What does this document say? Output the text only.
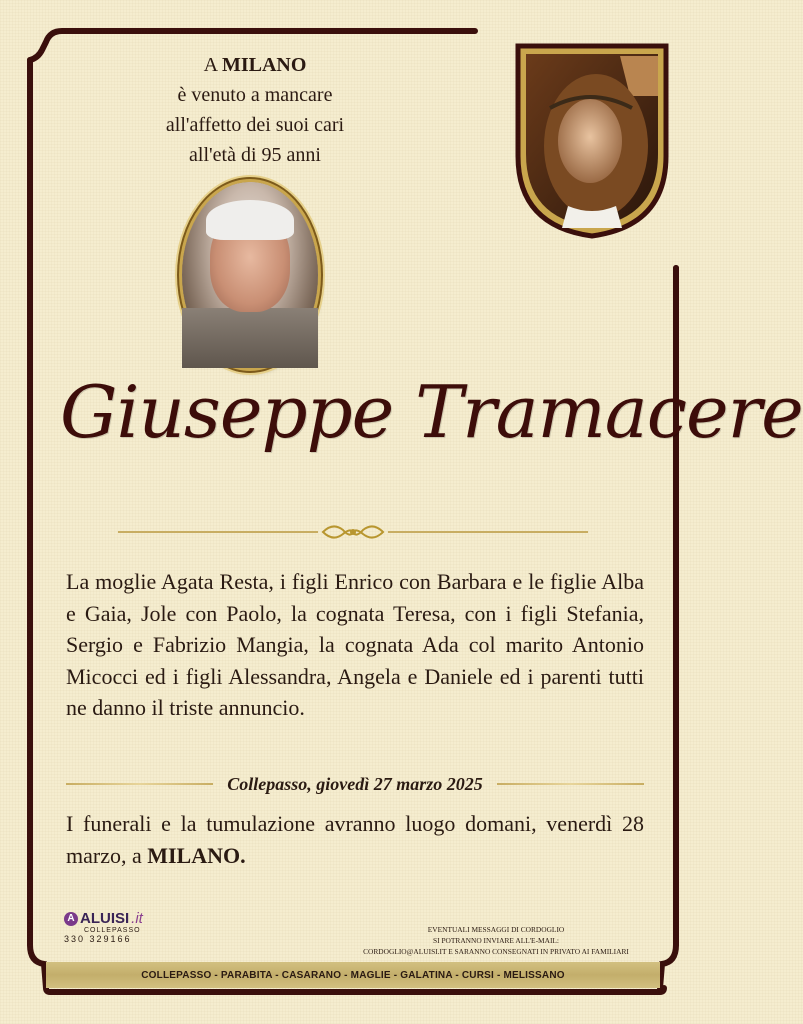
A MILANO
è venuto a mancare
all'affetto dei suoi cari
all'età di 95 anni
Giuseppe Tramacere
La moglie Agata Resta, i figli Enrico con Barbara e le figlie Alba e Gaia, Jole con Paolo, la cognata Teresa, con i figli Stefania, Sergio e Fabrizio Mangia, la cognata Ada col marito Antonio Micocci ed i figli Alessandra, Angela e Daniele ed i parenti tutti ne danno il triste annuncio.
Collepasso, giovedì 27 marzo 2025
I funerali e la tumulazione avranno luogo domani, venerdì 28 marzo, a MILANO.
A ALUISI .it
COLLEPASSO
330 329166
EVENTUALI MESSAGGI DI CORDOGLIO
SI POTRANNO INVIARE ALL'E-MAIL:
CORDOGLIO@ALUISI.IT E SARANNO CONSEGNATI IN PRIVATO AI FAMILIARI
COLLEPASSO - PARABITA - CASARANO - MAGLIE - GALATINA - CURSI - MELISSANO
